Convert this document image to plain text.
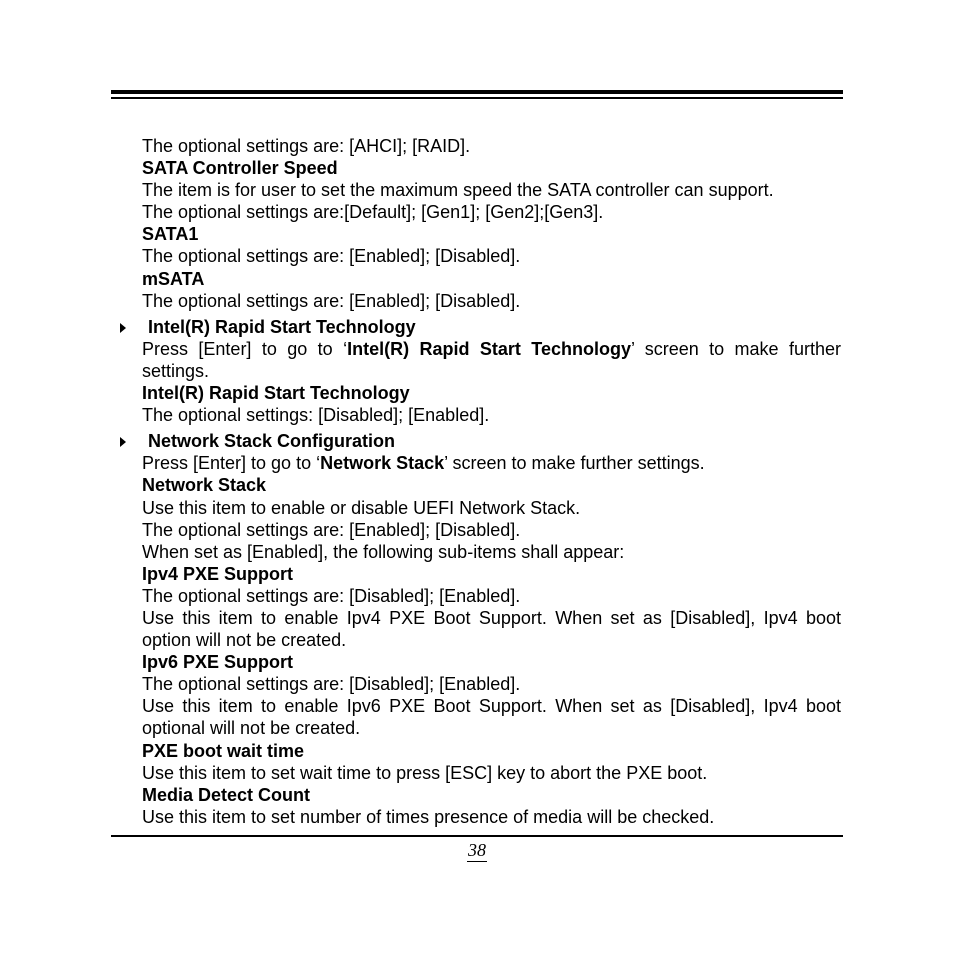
The optional settings are: [AHCI]; [RAID].
SATA Controller Speed
The item is for user to set the maximum speed the SATA controller can support.
The optional settings are:[Default]; [Gen1]; [Gen2];[Gen3].
SATA1
The optional settings are: [Enabled]; [Disabled].
mSATA
The optional settings are: [Enabled]; [Disabled].
Intel(R) Rapid Start Technology
Press [Enter] to go to ‘Intel(R) Rapid Start Technology’ screen to make further settings.
Intel(R) Rapid Start Technology
The optional settings: [Disabled]; [Enabled].
Network Stack Configuration
Press [Enter] to go to ‘Network Stack’ screen to make further settings.
Network Stack
Use this item to enable or disable UEFI Network Stack.
The optional settings are: [Enabled]; [Disabled].
When set as [Enabled], the following sub-items shall appear:
Ipv4 PXE Support
The optional settings are: [Disabled]; [Enabled].
Use this item to enable Ipv4 PXE Boot Support. When set as [Disabled], Ipv4 boot option will not be created.
Ipv6 PXE Support
The optional settings are: [Disabled]; [Enabled].
Use this item to enable Ipv6 PXE Boot Support. When set as [Disabled], Ipv4 boot optional will not be created.
PXE boot wait time
Use this item to set wait time to press [ESC] key to abort the PXE boot.
Media Detect Count
Use this item to set number of times presence of media will be checked.
38
